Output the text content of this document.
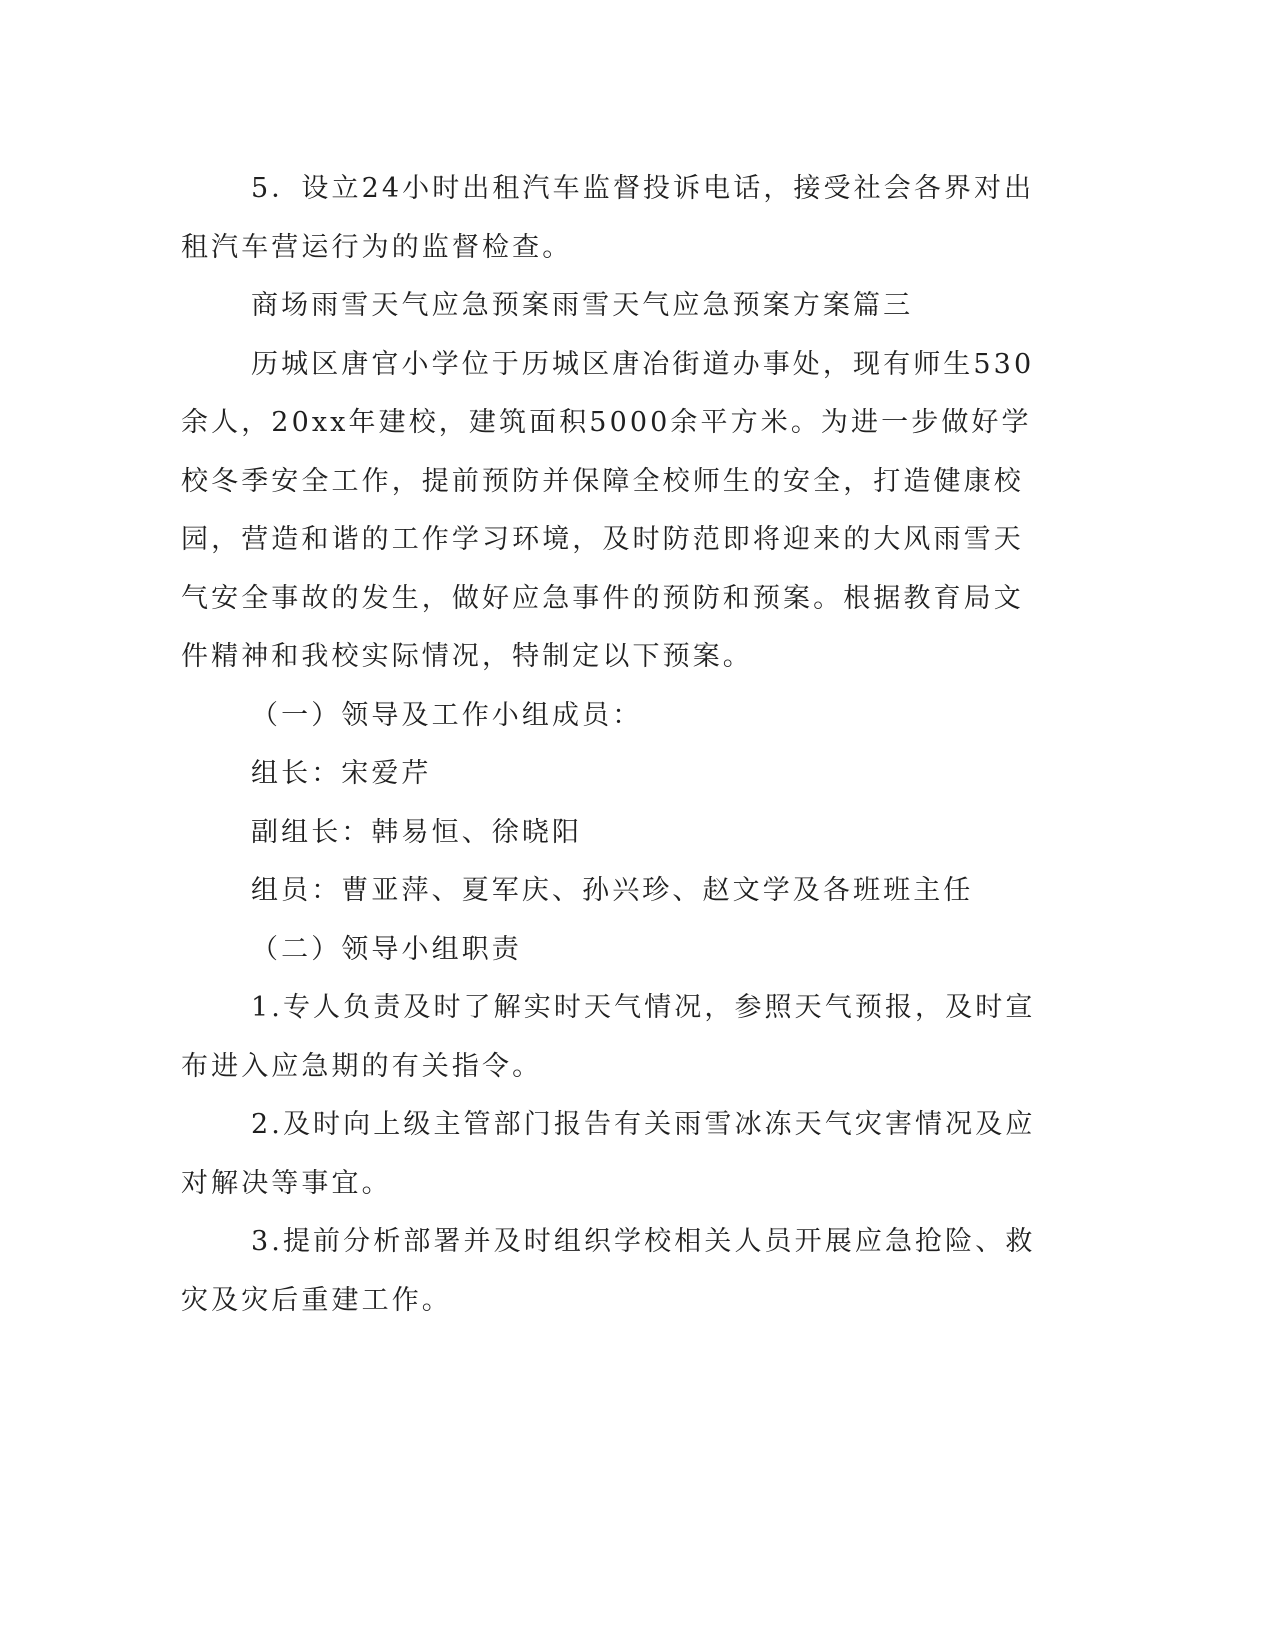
5．设立24小时出租汽车监督投诉电话，接受社会各界对出租汽车营运行为的监督检查。

商场雨雪天气应急预案雨雪天气应急预案方案篇三

历城区唐官小学位于历城区唐冶街道办事处，现有师生530余人，20xx年建校，建筑面积5000余平方米。为进一步做好学校冬季安全工作，提前预防并保障全校师生的安全，打造健康校园，营造和谐的工作学习环境，及时防范即将迎来的大风雨雪天气安全事故的发生，做好应急事件的预防和预案。根据教育局文件精神和我校实际情况，特制定以下预案。

（一）领导及工作小组成员：

组长：宋爱芹

副组长：韩易恒、徐晓阳

组员：曹亚萍、夏军庆、孙兴珍、赵文学及各班班主任

（二）领导小组职责

1.专人负责及时了解实时天气情况，参照天气预报，及时宣布进入应急期的有关指令。

2.及时向上级主管部门报告有关雨雪冰冻天气灾害情况及应对解决等事宜。

3.提前分析部署并及时组织学校相关人员开展应急抢险、救灾及灾后重建工作。
